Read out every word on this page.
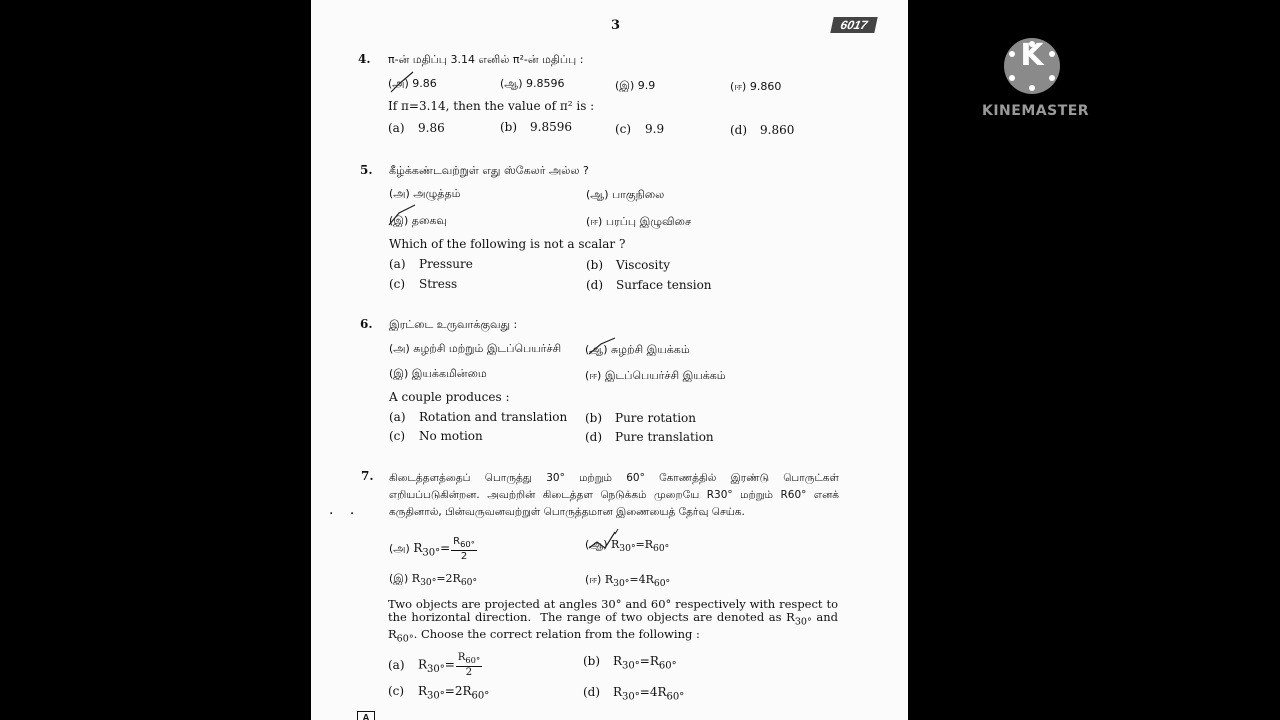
3	6017
4. π-ன் மதிப்பு 3.14 எனில் π²-ன் மதிப்பு :
(அ) 9.86	(ஆ) 9.8596	(இ) 9.9	(ஈ) 9.860
If π=3.14, then the value of π² is :
(a) 9.86	(b) 9.8596	(c) 9.9	(d) 9.860
5. கீழ்க்கண்டவற்றுள் எது ஸ்கேலர் அல்ல ?
(அ) அழுத்தம்	(ஆ) பாகுநிலை
(இ) தகைவு	(ஈ) பரப்பு இழுவிசை
Which of the following is not a scalar ?
(a) Pressure	(b) Viscosity
(c) Stress	(d) Surface tension
6. இரட்டை உருவாக்குவது :
(அ) சுழற்சி மற்றும் இடப்பெயர்ச்சி (ஆ) சுழற்சி இயக்கம்
(இ) இயக்கமின்மை	(ஈ) இடப்பெயர்ச்சி இயக்கம்
A couple produces :
(a) Rotation and translation (b) Pure rotation
(c) No motion	(d) Pure translation
7. கிடைத்தளத்தைப் பொருத்து 30° மற்றும் 60° கோணத்தில் இரண்டு பொருட்கள் எறியப்படுகின்றன. அவற்றின் கிடைத்தள நெடுக்கம் முறையே R30° மற்றும் R60° எனக் கருதினால், பின்வருவனவற்றுள் பொருத்தமான இணையைத் தேர்வு செய்க.
(அ) $R_{30^\circ}= \frac{R_{60^\circ}}{2}$	(ஆ) $R_{30^\circ}=R_{60^\circ}$
(இ) $R_{30^\circ}=2R_{60^\circ}$	(ஈ) $R_{30^\circ}=4R_{60^\circ}$
Two objects are projected at angles 30° and 60° respectively with respect to the horizontal direction.  The range of two objects are denoted as $R_{30^\circ}$ and $R_{60^\circ}$. Choose the correct relation from the following :
(a) $R_{30^\circ}= \frac{R_{60^\circ}}{2}$	(b) $R_{30^\circ}=R_{60^\circ}$
(c) $R_{30^\circ}=2R_{60^\circ}$	(d) $R_{30^\circ}=4R_{60^\circ}$
· ·
A
K
KINEMASTER
